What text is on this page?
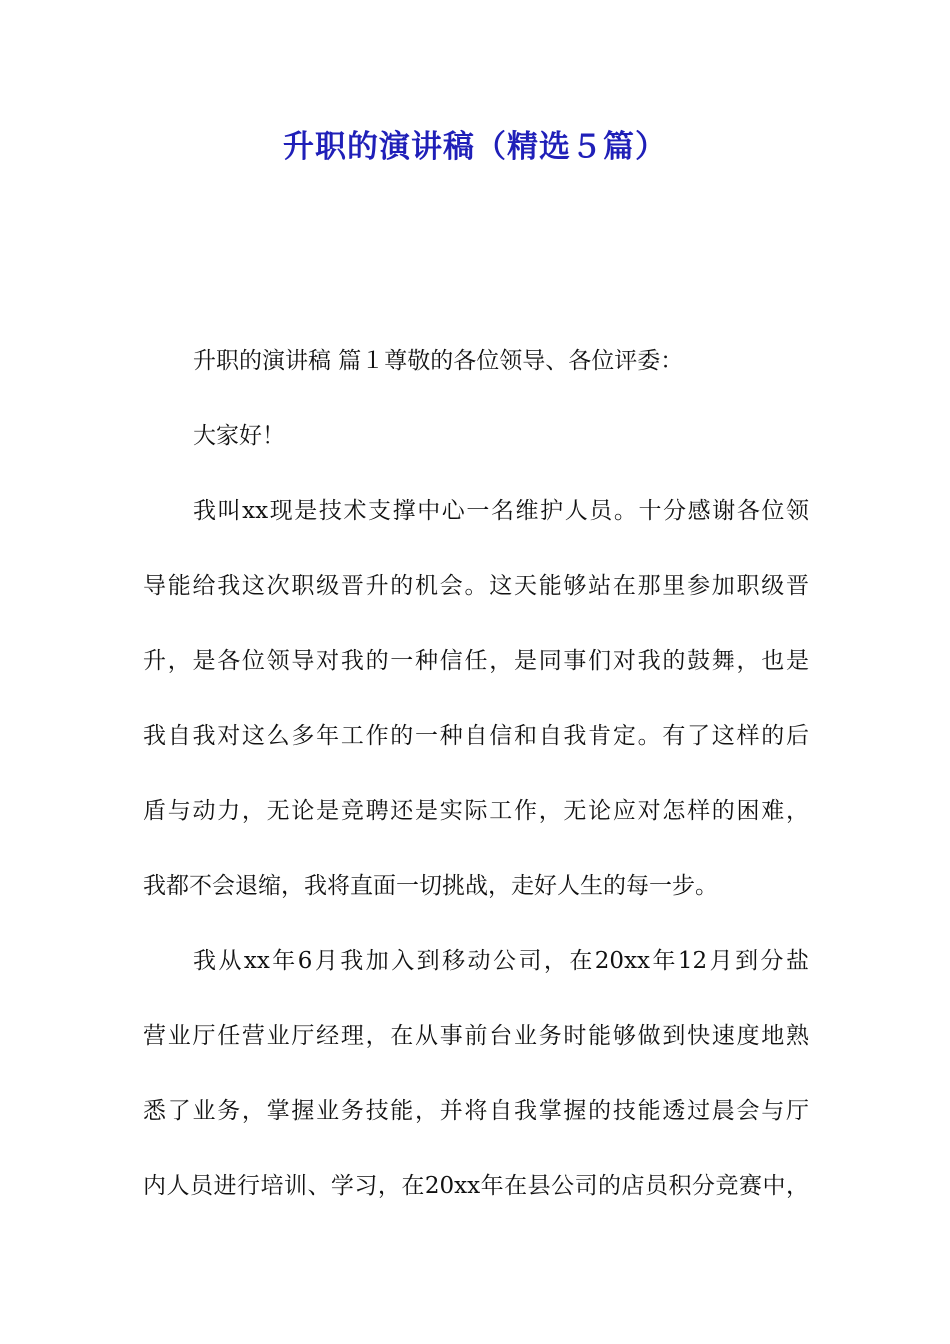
升职的演讲稿（精选５篇）
升职的演讲稿 篇１尊敬的各位领导、各位评委：
大家好！
我叫xx现是技术支撑中心一名维护人员。十分感谢各位领
导能给我这次职级晋升的机会。这天能够站在那里参加职级晋
升，是各位领导对我的一种信任，是同事们对我的鼓舞，也是
我自我对这么多年工作的一种自信和自我肯定。有了这样的后
盾与动力，无论是竞聘还是实际工作，无论应对怎样的困难，
我都不会退缩，我将直面一切挑战，走好人生的每一步。
我从xx年6月我加入到移动公司，在20xx年12月到分盐
营业厅任营业厅经理，在从事前台业务时能够做到快速度地熟
悉了业务，掌握业务技能，并将自我掌握的技能透过晨会与厅
内人员进行培训、学习，在20xx年在县公司的店员积分竞赛中，
